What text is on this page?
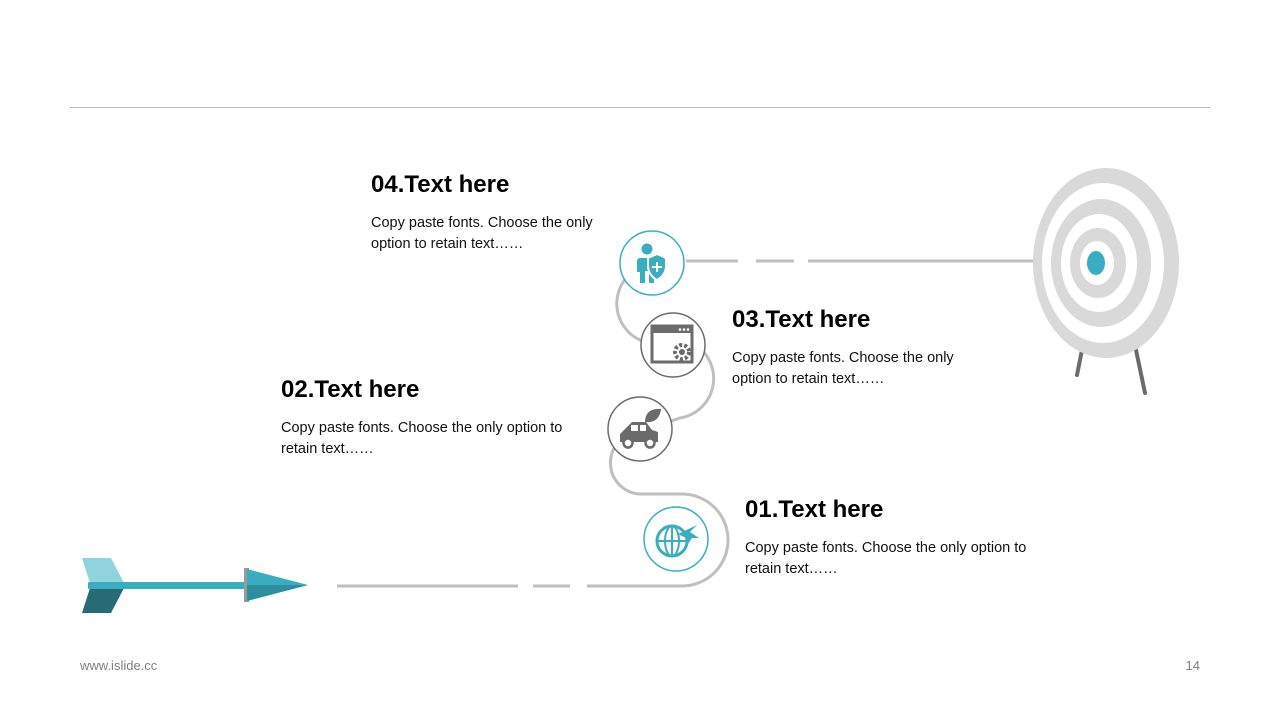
04.Text here

Copy paste fonts. Choose the only option to retain text……

03.Text here

Copy paste fonts. Choose the only option to retain text……

02.Text here

Copy paste fonts. Choose the only option to retain text……

01.Text here

Copy paste fonts. Choose the only option to retain text……

www.islide.cc	14
